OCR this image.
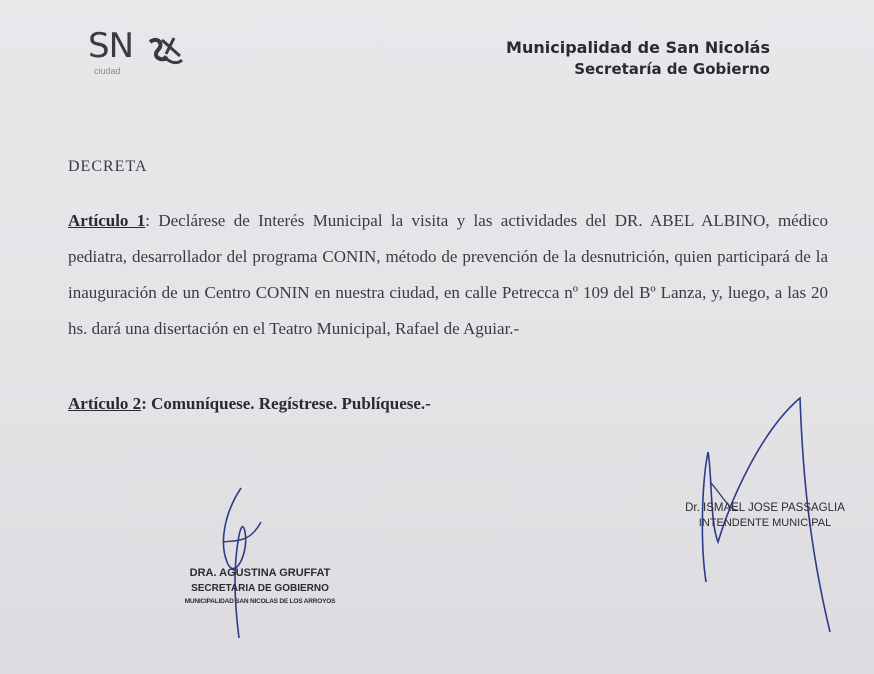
SN
ciudad
Municipalidad de San Nicolás
Secretaría de Gobierno
DECRETA
Artículo 1: Declárese de Interés Municipal la visita y las actividades del DR. ABEL ALBINO, médico pediatra, desarrollador del programa CONIN, método de prevención de la desnutrición, quien participará de la inauguración de un Centro CONIN en nuestra ciudad, en calle Petrecca nº 109 del Bº Lanza, y, luego, a las 20 hs. dará una disertación en el Teatro Municipal, Rafael de Aguiar.-
Artículo 2: Comuníquese. Regístrese. Publíquese.-
DRA. AGUSTINA GRUFFAT
SECRETARIA DE GOBIERNO
MUNICIPALIDAD SAN NICOLAS DE LOS ARROYOS
Dr. ISMAEL JOSE PASSAGLIA
INTENDENTE MUNICIPAL
